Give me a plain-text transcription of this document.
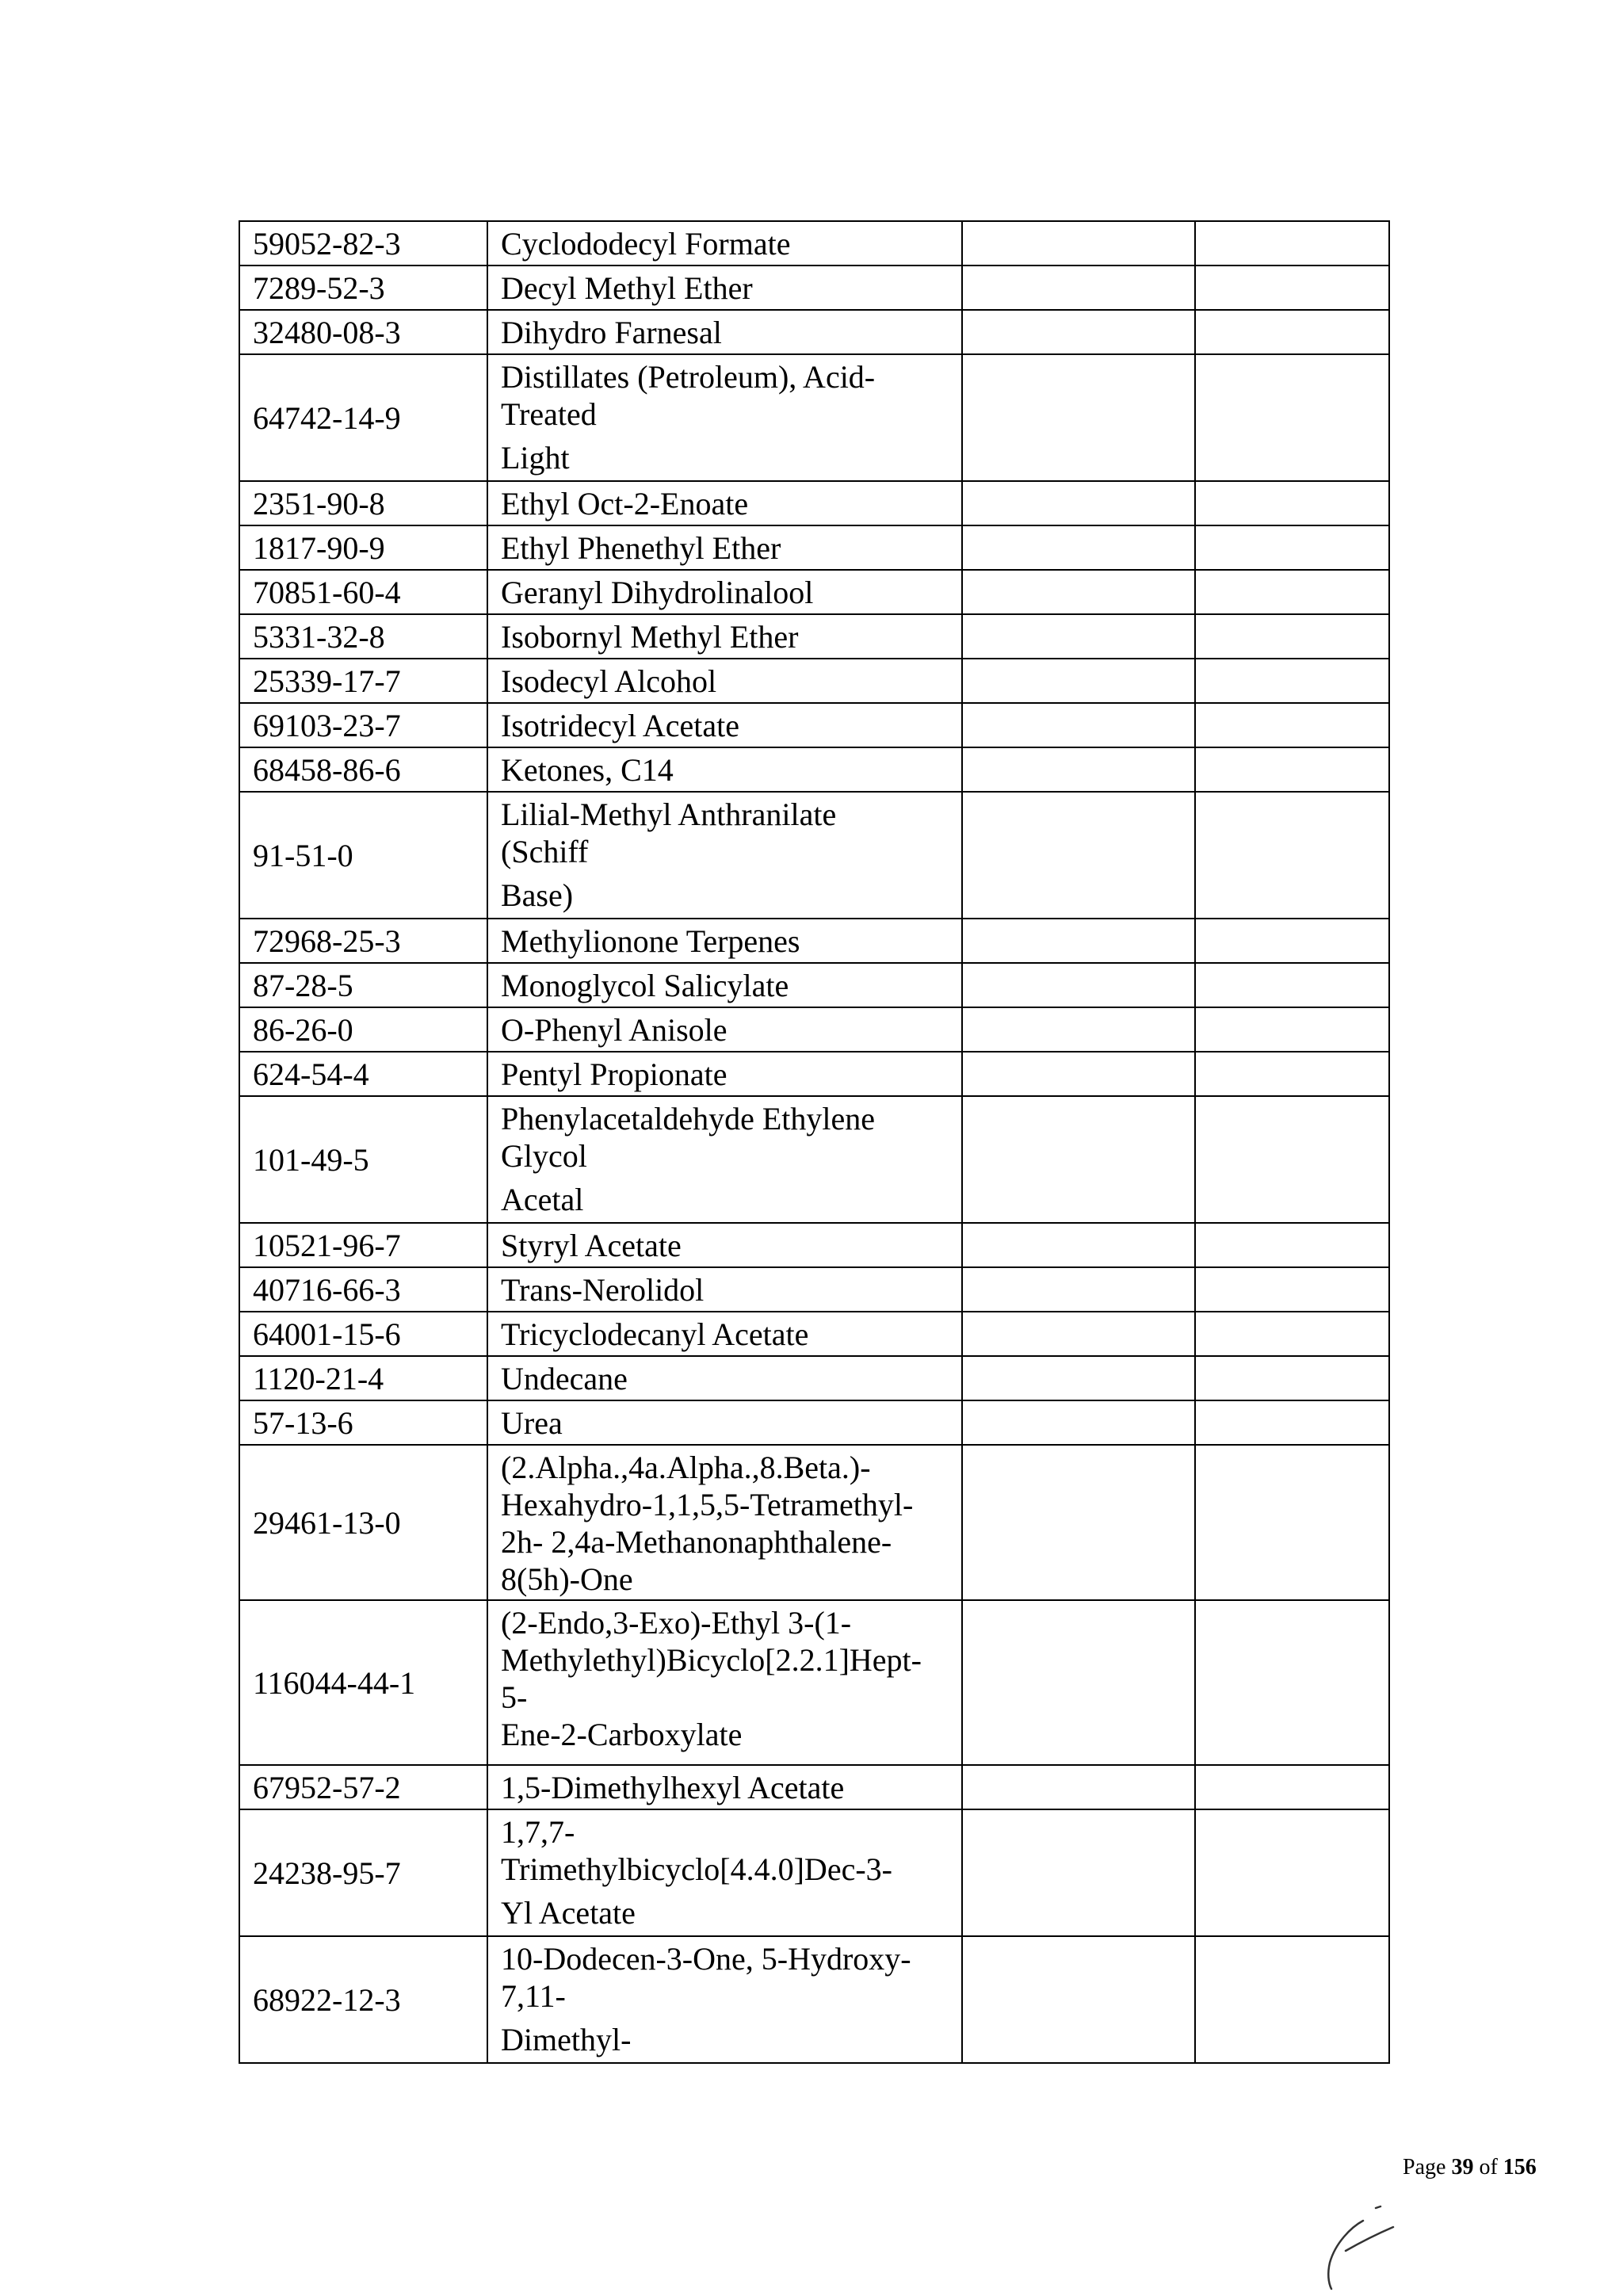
59052-82-3	Cyclododecyl Formate		

7289-52-3	Decyl Methyl Ether		

32480-08-3	Dihydro Farnesal		

64742-14-9	Distillates (Petroleum), Acid-
Treated
Light		

2351-90-8	Ethyl Oct-2-Enoate		

1817-90-9	Ethyl Phenethyl Ether		

70851-60-4	Geranyl Dihydrolinalool		

5331-32-8	Isobornyl Methyl Ether		

25339-17-7	Isodecyl Alcohol		

69103-23-7	Isotridecyl Acetate		

68458-86-6	Ketones, C14		

91-51-0	Lilial-Methyl Anthranilate
(Schiff
Base)		

72968-25-3	Methylionone Terpenes		

87-28-5	Monoglycol Salicylate		

86-26-0	O-Phenyl Anisole		

624-54-4	Pentyl Propionate		

101-49-5	Phenylacetaldehyde Ethylene
Glycol
Acetal		

10521-96-7	Styryl Acetate		

40716-66-3	Trans-Nerolidol		

64001-15-6	Tricyclodecanyl Acetate		

1120-21-4	Undecane		

57-13-6	Urea		

29461-13-0	(2.Alpha.,4a.Alpha.,8.Beta.)-
Hexahydro-1,1,5,5-Tetramethyl-
2h- 2,4a-Methanonaphthalene-
8(5h)-One		

116044-44-1	(2-Endo,3-Exo)-Ethyl 3-(1-
Methylethyl)Bicyclo[2.2.1]Hept-
5-
Ene-2-Carboxylate		

67952-57-2	1,5-Dimethylhexyl Acetate		

24238-95-7	1,7,7-
Trimethylbicyclo[4.4.0]Dec-3-
Yl Acetate		

68922-12-3	10-Dodecen-3-One, 5-Hydroxy-
7,11-
Dimethyl-		

Page 39 of 156
